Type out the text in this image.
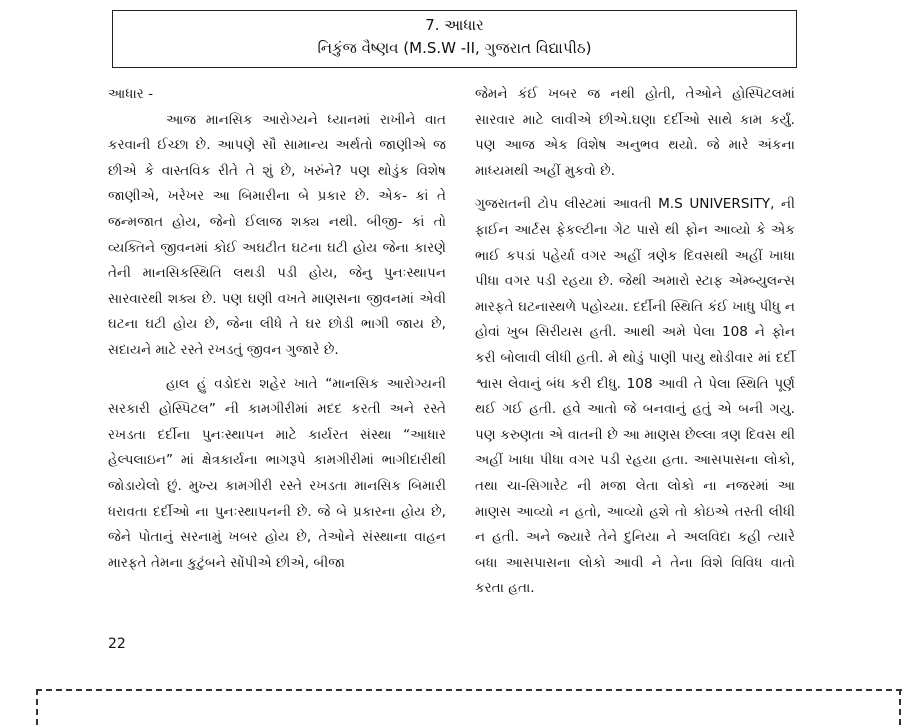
7. આધાર
નિકુંજ વૈષ્ણવ (M.S.W -II, ગુજરાત વિદ્યાપીઠ)

આધાર -

આજ માનસિક આરોગ્યને ધ્યાનમાં રાખીને વાત કરવાની ઈચ્છા છે. આપણે સૌ સામાન્ય અર્થતો જાણીએ જ છીએ કે વાસ્તવિક રીતે તે શું છે, ખરુંને? પણ થોડુંક વિશેષ જાણીએ, ખરેખર આ બિમારીના બે પ્રકાર છે. એક- કાં તે જન્મજાત હોય, જેનો ઈલાજ શક્ય નથી. બીજી- કાં તો વ્યક્તિને જીવનમાં કોઈ અઘટીત ઘટના ઘટી હોય જેના કારણે તેની માનસિકસ્થિતિ લથડી પડી હોય, જેનુ પુનઃસ્થાપન સારવારથી શક્ય છે. પણ ઘણી વખતે માણસના જીવનમાં એવી ઘટના ઘટી હોય છે, જેના લીધે તે ઘર છોડી ભાગી જાય છે, સદાયને માટે રસ્તે રખડતું જીવન ગુજારે છે.

હાલ હું વડોદરા શહેર ખાતે “માનસિક આરોગ્યની સરકારી હોસ્પિટલ” ની કામગીરીમાં મદદ કરતી અને રસ્તે રખડતા દર્દીના પુનઃસ્થાપન માટે કાર્યરત સંસ્થા “આધાર હેલ્પલાઇન” માં ક્ષેત્રકાર્યના ભાગરૂપે કામગીરીમાં ભાગીદારીથી જોડાયેલો છું. મુખ્ય કામગીરી રસ્તે રખડતા માનસિક બિમારી ધરાવતા દર્દીઓ ના પુનઃસ્થાપનની છે. જે બે પ્રકારના હોય છે, જેને પોતાનું સરનામું ખબર હોય છે, તેઓને સંસ્થાના વાહન મારફતે તેમના કુટુંબને સોંપીએ છીએ, બીજા

જેમને કંઈ ખબર જ નથી હોતી, તેઓને હોસ્પિટલમાં સારવાર માટે લાવીએ છીએ.ઘણા દર્દીઓ સાથે કામ કર્યું. પણ આજ એક વિશેષ અનુભવ થયો. જે મારે અંકના માધ્યમથી અહીં મુકવો છે.

ગુજરાતની ટોપ લીસ્ટમાં આવતી M.S UNIVERSITY, ની ફાઈન આર્ટસ ફેકલ્ટીના ગેટ પાસે થી ફોન આવ્યો કે એક ભાઈ કપડાં પહેર્યા વગર અહીં ત્રણેક દિવસથી અહીં ખાધા પીધા વગર પડી રહયા છે. જેથી અમારો સ્ટાફ એમ્બ્યુલન્સ મારફતે ઘટનાસ્થળે પહોચ્યા. દર્દીની સ્થિતિ કંઈ ખાધુ પીધુ ન હોવાં ખુબ સિરીયસ હતી. આથી અમે પેલા 108 ને ફોન કરી બોલાવી લીધી હતી. મે થોડું પાણી પાયુ થોડીવાર માં દર્દી શ્વાસ લેવાનું બંધ કરી દીધુ. 108 આવી તે પેલા સ્થિતિ પૂર્ણ થઈ ગઈ હતી. હવે આતો જે બનવાનું હતું એ બની ગયુ. પણ કરુણતા એ વાતની છે આ માણસ છેલ્લા ત્રણ દિવસ થી અહીં ખાધા પીધા વગર પડી રહયા હતા. આસપાસના લોકો, તથા ચા-સિગારેટ ની મજા લેતા લોકો ના નજરમાં આ માણસ આવ્યો ન હતો, આવ્યો હશે તો કોઇએ તસ્તી લીધી ન હતી. અને જ્યારે તેને દુનિયા ને અલવિદા કહી ત્યારે બધા આસપાસના લોકો આવી ને તેના વિશે વિવિધ વાતો કરતા હતા.

22
